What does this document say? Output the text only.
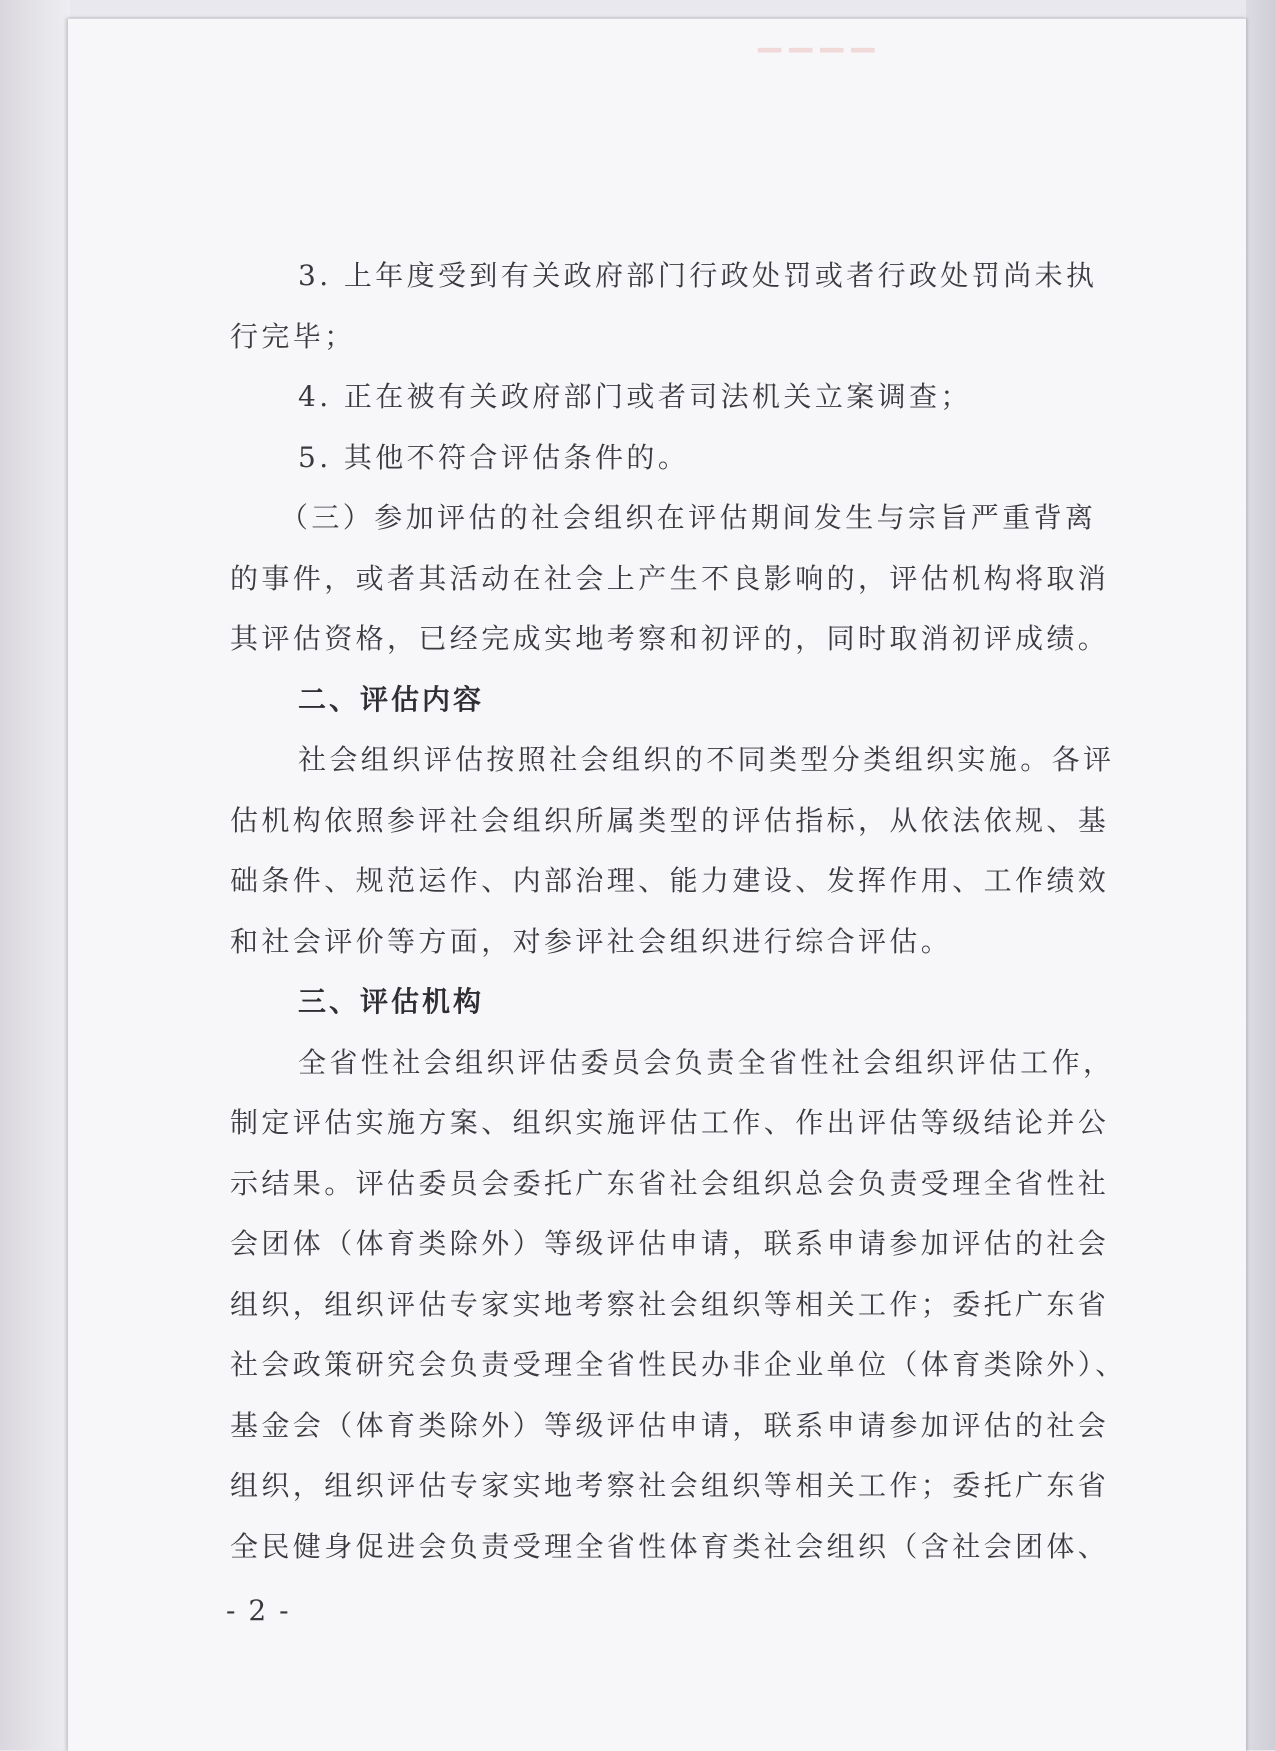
▔▔▔▔
3. 上年度受到有关政府部门行政处罚或者行政处罚尚未执
行完毕；
4. 正在被有关政府部门或者司法机关立案调查；
5. 其他不符合评估条件的。
（三）参加评估的社会组织在评估期间发生与宗旨严重背离
的事件，或者其活动在社会上产生不良影响的，评估机构将取消
其评估资格，已经完成实地考察和初评的，同时取消初评成绩。
二、评估内容
社会组织评估按照社会组织的不同类型分类组织实施。各评
估机构依照参评社会组织所属类型的评估指标，从依法依规、基
础条件、规范运作、内部治理、能力建设、发挥作用、工作绩效
和社会评价等方面，对参评社会组织进行综合评估。
三、评估机构
全省性社会组织评估委员会负责全省性社会组织评估工作，
制定评估实施方案、组织实施评估工作、作出评估等级结论并公
示结果。评估委员会委托广东省社会组织总会负责受理全省性社
会团体（体育类除外）等级评估申请，联系申请参加评估的社会
组织，组织评估专家实地考察社会组织等相关工作；委托广东省
社会政策研究会负责受理全省性民办非企业单位（体育类除外）、
基金会（体育类除外）等级评估申请，联系申请参加评估的社会
组织，组织评估专家实地考察社会组织等相关工作；委托广东省
全民健身促进会负责受理全省性体育类社会组织（含社会团体、
- 2 -
